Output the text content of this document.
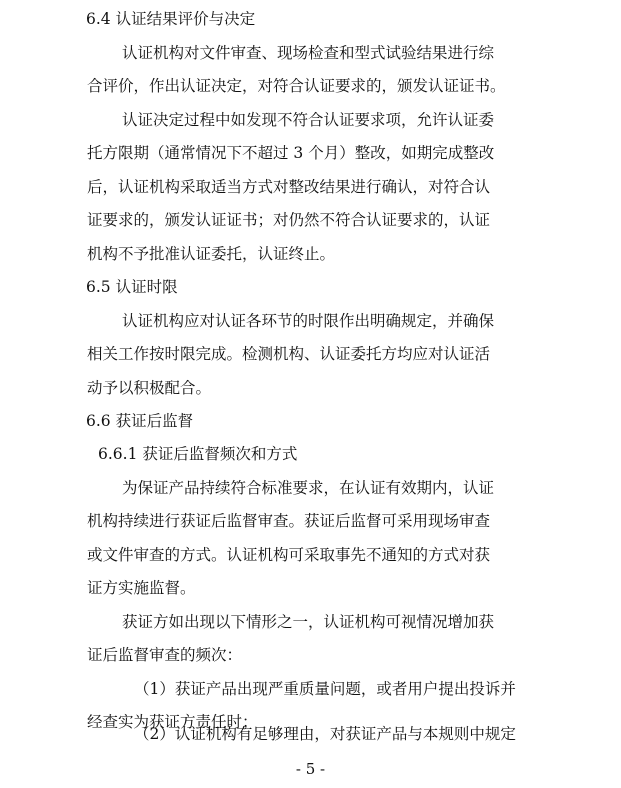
6.4 认证结果评价与决定
认证机构对文件审查、现场检查和型式试验结果进行综
合评价，作出认证决定，对符合认证要求的，颁发认证证书。
认证决定过程中如发现不符合认证要求项，允许认证委
托方限期（通常情况下不超过 3 个月）整改，如期完成整改
后，认证机构采取适当方式对整改结果进行确认，对符合认
证要求的，颁发认证证书；对仍然不符合认证要求的，认证
机构不予批准认证委托，认证终止。
6.5 认证时限
认证机构应对认证各环节的时限作出明确规定，并确保
相关工作按时限完成。检测机构、认证委托方均应对认证活
动予以积极配合。
6.6 获证后监督
6.6.1 获证后监督频次和方式
为保证产品持续符合标准要求，在认证有效期内，认证
机构持续进行获证后监督审查。获证后监督可采用现场审查
或文件审查的方式。认证机构可采取事先不通知的方式对获
证方实施监督。
获证方如出现以下情形之一，认证机构可视情况增加获
证后监督审查的频次：
（1）获证产品出现严重质量问题，或者用户提出投诉并
经查实为获证方责任时；
（2）认证机构有足够理由，对获证产品与本规则中规定
- 5 -
